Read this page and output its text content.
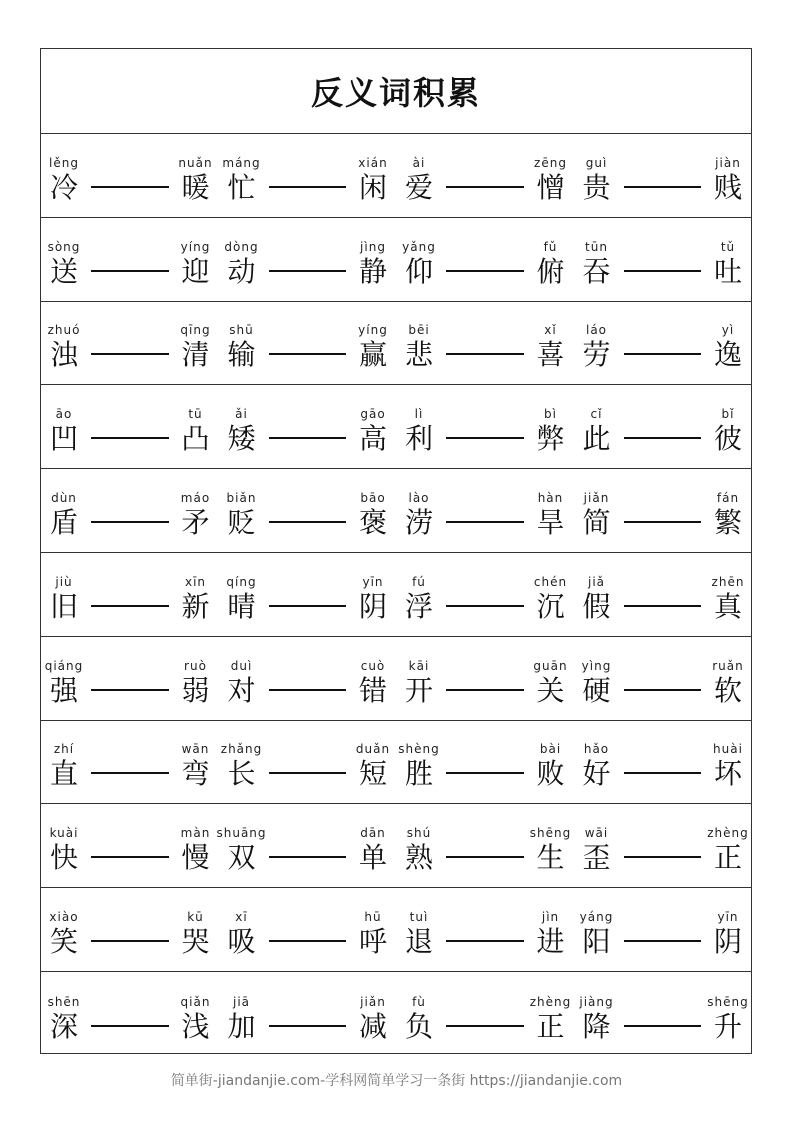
反义词积累
lěng
冷
nuǎn
暖
máng
忙
xián
闲
ài
爱
zēng
憎
guì
贵
jiàn
贱
sòng
送
yíng
迎
dòng
动
jìng
静
yǎng
仰
fǔ
俯
tūn
吞
tǔ
吐
zhuó
浊
qīng
清
shū
输
yíng
赢
bēi
悲
xǐ
喜
láo
劳
yì
逸
āo
凹
tū
凸
ǎi
矮
gāo
高
lì
利
bì
弊
cǐ
此
bǐ
彼
dùn
盾
máo
矛
biǎn
贬
bāo
褒
lào
涝
hàn
旱
jiǎn
简
fán
繁
jiù
旧
xīn
新
qíng
晴
yīn
阴
fú
浮
chén
沉
jiǎ
假
zhēn
真
qiáng
强
ruò
弱
duì
对
cuò
错
kāi
开
guān
关
yìng
硬
ruǎn
软
zhí
直
wān
弯
zhǎng
长
duǎn
短
shèng
胜
bài
败
hǎo
好
huài
坏
kuài
快
màn
慢
shuāng
双
dān
单
shú
熟
shēng
生
wāi
歪
zhèng
正
xiào
笑
kū
哭
xī
吸
hū
呼
tuì
退
jìn
进
yáng
阳
yīn
阴
shēn
深
qiǎn
浅
jiā
加
jiǎn
减
fù
负
zhèng
正
jiàng
降
shēng
升
简单街-jiandanjie.com-学科网简单学习一条街 https://jiandanjie.com
